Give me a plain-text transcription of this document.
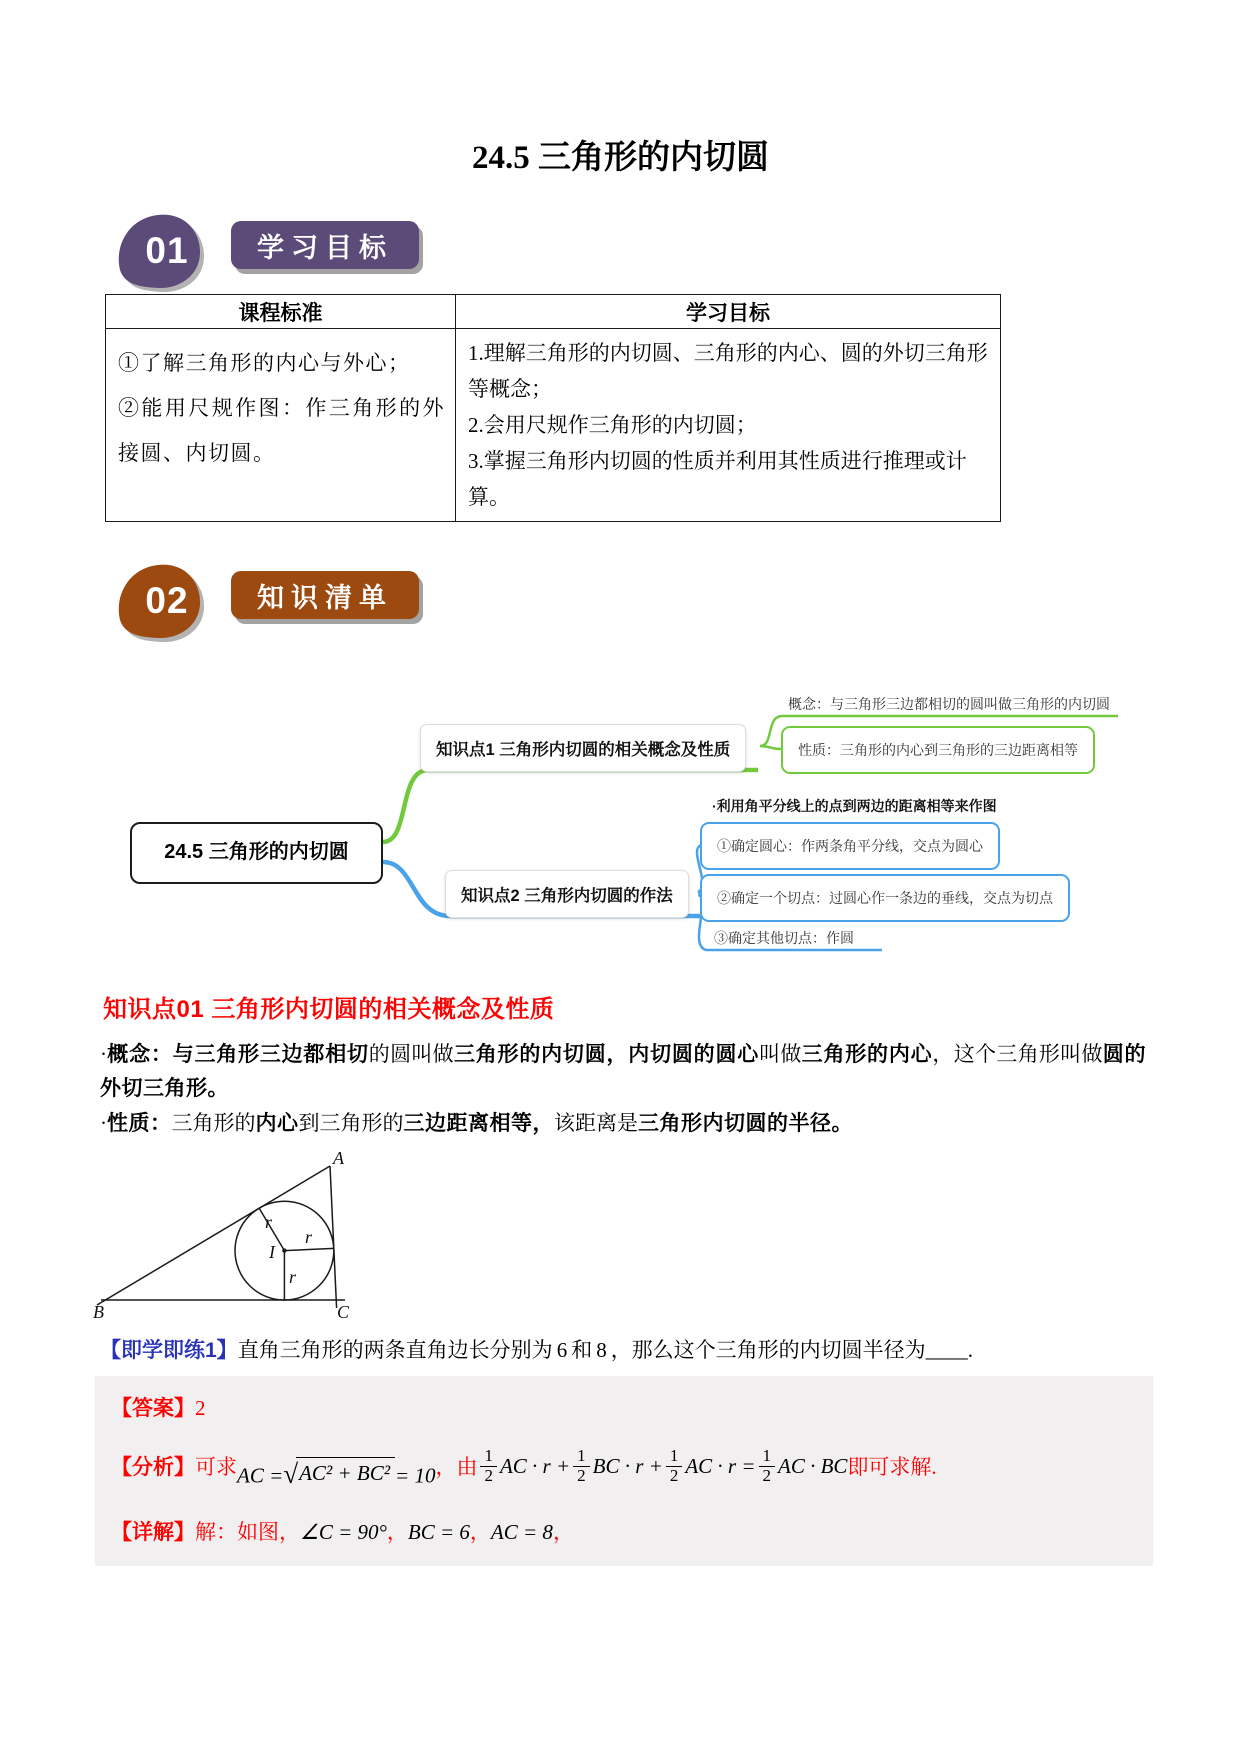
24.5 三角形的内切圆
01	学习目标
课程标准	学习目标

①了解三角形的内心与外心；
②能用尺规作图：作三角形的外接圆、内切圆。

1.理解三角形的内切圆、三角形的内心、圆的外切三角形等概念；
2.会用尺规作三角形的内切圆；
3.掌握三角形内切圆的性质并利用其性质进行推理或计算。
02	知识清单
24.5 三角形的内切圆
知识点1 三角形内切圆的相关概念及性质
概念：与三角形三边都相切的圆叫做三角形的内切圆
性质：三角形的内心到三角形的三边距离相等
·利用角平分线上的点到两边的距离相等来作图
①确定圆心：作两条角平分线，交点为圆心
知识点2 三角形内切圆的作法	②确定一个切点：过圆心作一条边的垂线，交点为切点
③确定其他切点：作圆
知识点01 三角形内切圆的相关概念及性质

·概念：与三角形三边都相切的圆叫做三角形的内切圆，内切圆的圆心叫做三角形的内心，这个三角形叫做圆的外切三角形。

·性质：三角形的内心到三角形的三边距离相等，该距离是三角形内切圆的半径。

A
B	C
I
r
r
r
【即学即练1】直角三角形的两条直角边长分别为 6 和 8 ，那么这个三角形的内切圆半径为____.
【答案】2
【分析】 可求 AC = √ AC² + BC² = 10 ，由 $\frac{1}{2}$ AC · $r + \frac{1}{2}$ BC · $r + \frac{1}{2}$ AC · $r = \frac{1}{2}$ AC · BC 即可求解.
【详解】解：如图，∠C = 90°，BC = 6，AC = 8，
